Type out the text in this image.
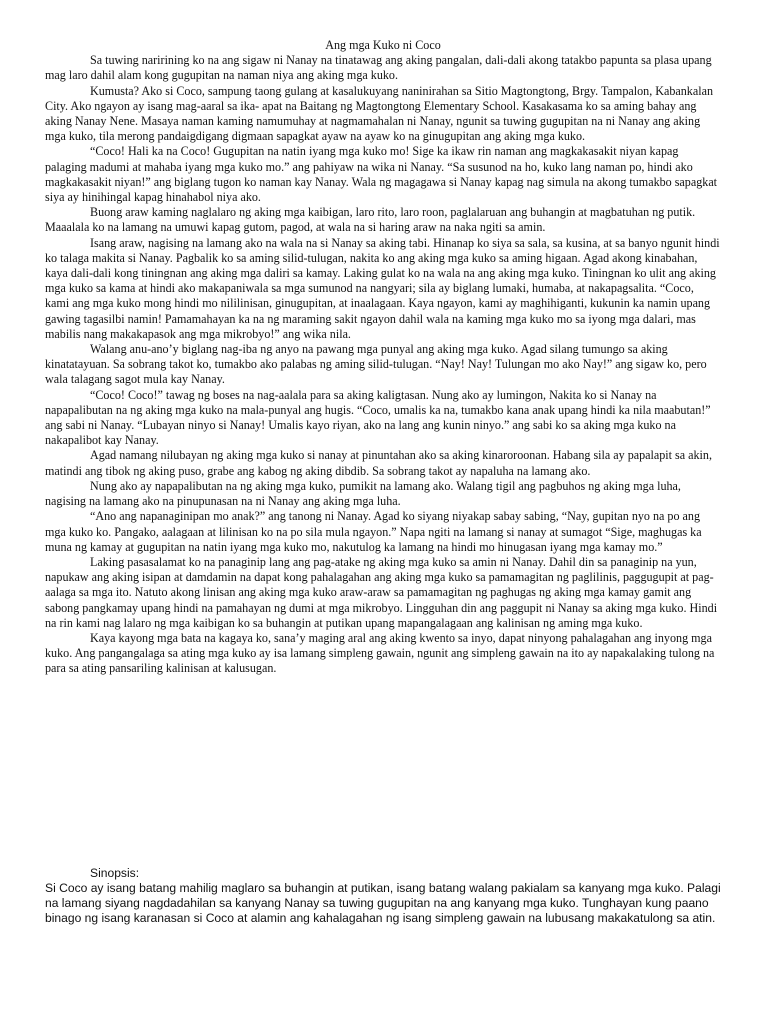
Ang mga Kuko ni Coco

Sa tuwing naririning ko na ang sigaw ni Nanay na tinatawag ang aking pangalan, dali-dali akong tatakbo papunta sa plasa upang mag laro dahil alam kong gugupitan na naman niya ang aking mga kuko.

Kumusta? Ako si Coco, sampung taong gulang at kasalukuyang naninirahan sa Sitio Magtongtong, Brgy. Tampalon, Kabankalan City. Ako ngayon ay isang mag-aaral sa ika- apat na Baitang ng Magtongtong Elementary School. Kasakasama ko sa aming bahay ang aking Nanay Nene. Masaya naman kaming namumuhay at nagmamahalan ni Nanay, ngunit sa tuwing gugupitan na ni Nanay ang aking mga kuko, tila merong pandaigdigang digmaan sapagkat ayaw na ayaw ko na ginugupitan ang aking mga kuko.

“Coco! Hali ka na Coco! Gugupitan na natin iyang mga kuko mo! Sige ka ikaw rin naman ang magkakasakit niyan kapag palaging madumi at mahaba iyang mga kuko mo.” ang pahiyaw na wika ni Nanay. “Sa susunod na ho, kuko lang naman po, hindi ako magkakasakit niyan!” ang biglang tugon ko naman kay Nanay. Wala ng magagawa si Nanay kapag nag simula na akong tumakbo sapagkat siya ay hinihingal kapag hinahabol niya ako.

Buong araw kaming naglalaro ng aking mga kaibigan, laro rito, laro roon, paglalaruan ang buhangin at magbatuhan ng putik. Maaalala ko na lamang na umuwi kapag gutom, pagod, at wala na si haring araw na naka ngiti sa amin.

Isang araw, nagising na lamang ako na wala na si Nanay sa aking tabi. Hinanap ko siya sa sala, sa kusina, at sa banyo ngunit hindi ko talaga makita si Nanay. Pagbalik ko sa aming silid-tulugan, nakita ko ang aking mga kuko sa aming higaan. Agad akong kinabahan, kaya dali-dali kong tiningnan ang aking mga daliri sa kamay. Laking gulat ko na wala na ang aking mga kuko. Tiningnan ko ulit ang aking mga kuko sa kama at hindi ako makapaniwala sa mga sumunod na nangyari; sila ay biglang lumaki, humaba, at nakapagsalita. “Coco, kami ang mga kuko mong hindi mo nililinisan, ginugupitan, at inaalagaan. Kaya ngayon, kami ay maghihiganti, kukunin ka namin upang gawing tagasilbi namin! Pamamahayan ka na ng maraming sakit ngayon dahil wala na kaming mga kuko mo sa iyong mga dalari, mas mabilis nang makakapasok ang mga mikrobyo!” ang wika nila.

Walang anu-ano’y biglang nag-iba ng anyo na pawang mga punyal ang aking mga kuko. Agad silang tumungo sa aking kinatatayuan. Sa sobrang takot ko, tumakbo ako palabas ng aming silid-tulugan. “Nay! Nay! Tulungan mo ako Nay!” ang sigaw ko, pero wala talagang sagot mula kay Nanay.

“Coco! Coco!” tawag ng boses na nag-aalala para sa aking kaligtasan. Nung ako ay lumingon, Nakita ko si Nanay na napapalibutan na ng aking mga kuko na mala-punyal ang hugis. “Coco, umalis ka na, tumakbo kana anak upang hindi ka nila maabutan!” ang sabi ni Nanay. “Lubayan ninyo si Nanay! Umalis kayo riyan, ako na lang ang kunin ninyo.” ang sabi ko sa aking mga kuko na nakapalibot kay Nanay.

Agad namang nilubayan ng aking mga kuko si nanay at pinuntahan ako sa aking kinaroroonan. Habang sila ay papalapit sa akin, matindi ang tibok ng aking puso, grabe ang kabog ng aking dibdib. Sa sobrang takot ay napaluha na lamang ako.

Nung ako ay napapalibutan na ng aking mga kuko, pumikit na lamang ako. Walang tigil ang pagbuhos ng aking mga luha, nagising na lamang ako na pinupunasan na ni Nanay ang aking mga luha.

“Ano ang napanaginipan mo anak?” ang tanong ni Nanay. Agad ko siyang niyakap sabay sabing, “Nay, gupitan nyo na po ang mga kuko ko. Pangako, aalagaan at lilinisan ko na po sila mula ngayon.” Napa ngiti na lamang si nanay at sumagot “Sige, maghugas ka muna ng kamay at gugupitan na natin iyang mga kuko mo, nakutulog ka lamang na hindi mo hinugasan iyang mga kamay mo.”

Laking pasasalamat ko na panaginip lang ang pag-atake ng aking mga kuko sa amin ni Nanay. Dahil din sa panaginip na yun, napukaw ang aking isipan at damdamin na dapat kong pahalagahan ang aking mga kuko sa pamamagitan ng paglilinis, paggugupit at pag-aalaga sa mga ito. Natuto akong linisan ang aking mga kuko araw-araw sa pamamagitan ng paghugas ng aking mga kamay gamit ang sabong pangkamay upang hindi na pamahayan ng dumi at mga mikrobyo. Lingguhan din ang paggupit ni Nanay sa aking mga kuko. Hindi na rin kami nag lalaro ng mga kaibigan ko sa buhangin at putikan upang mapangalagaan ang kalinisan ng aming mga kuko.

Kaya kayong mga bata na kagaya ko, sana’y maging aral ang aking kwento sa inyo, dapat ninyong pahalagahan ang inyong mga kuko. Ang pangangalaga sa ating mga kuko ay isa lamang simpleng gawain, ngunit ang simpleng gawain na ito ay napakalaking tulong na para sa ating pansariling kalinisan at kalusugan.

Sinopsis:

Si Coco ay isang batang mahilig maglaro sa buhangin at putikan, isang batang walang pakialam sa kanyang mga kuko. Palagi na lamang siyang nagdadahilan sa kanyang Nanay sa tuwing gugupitan na ang kanyang mga kuko. Tunghayan kung paano binago ng isang karanasan si Coco at alamin ang kahalagahan ng isang simpleng gawain na lubusang makakatulong sa atin.
